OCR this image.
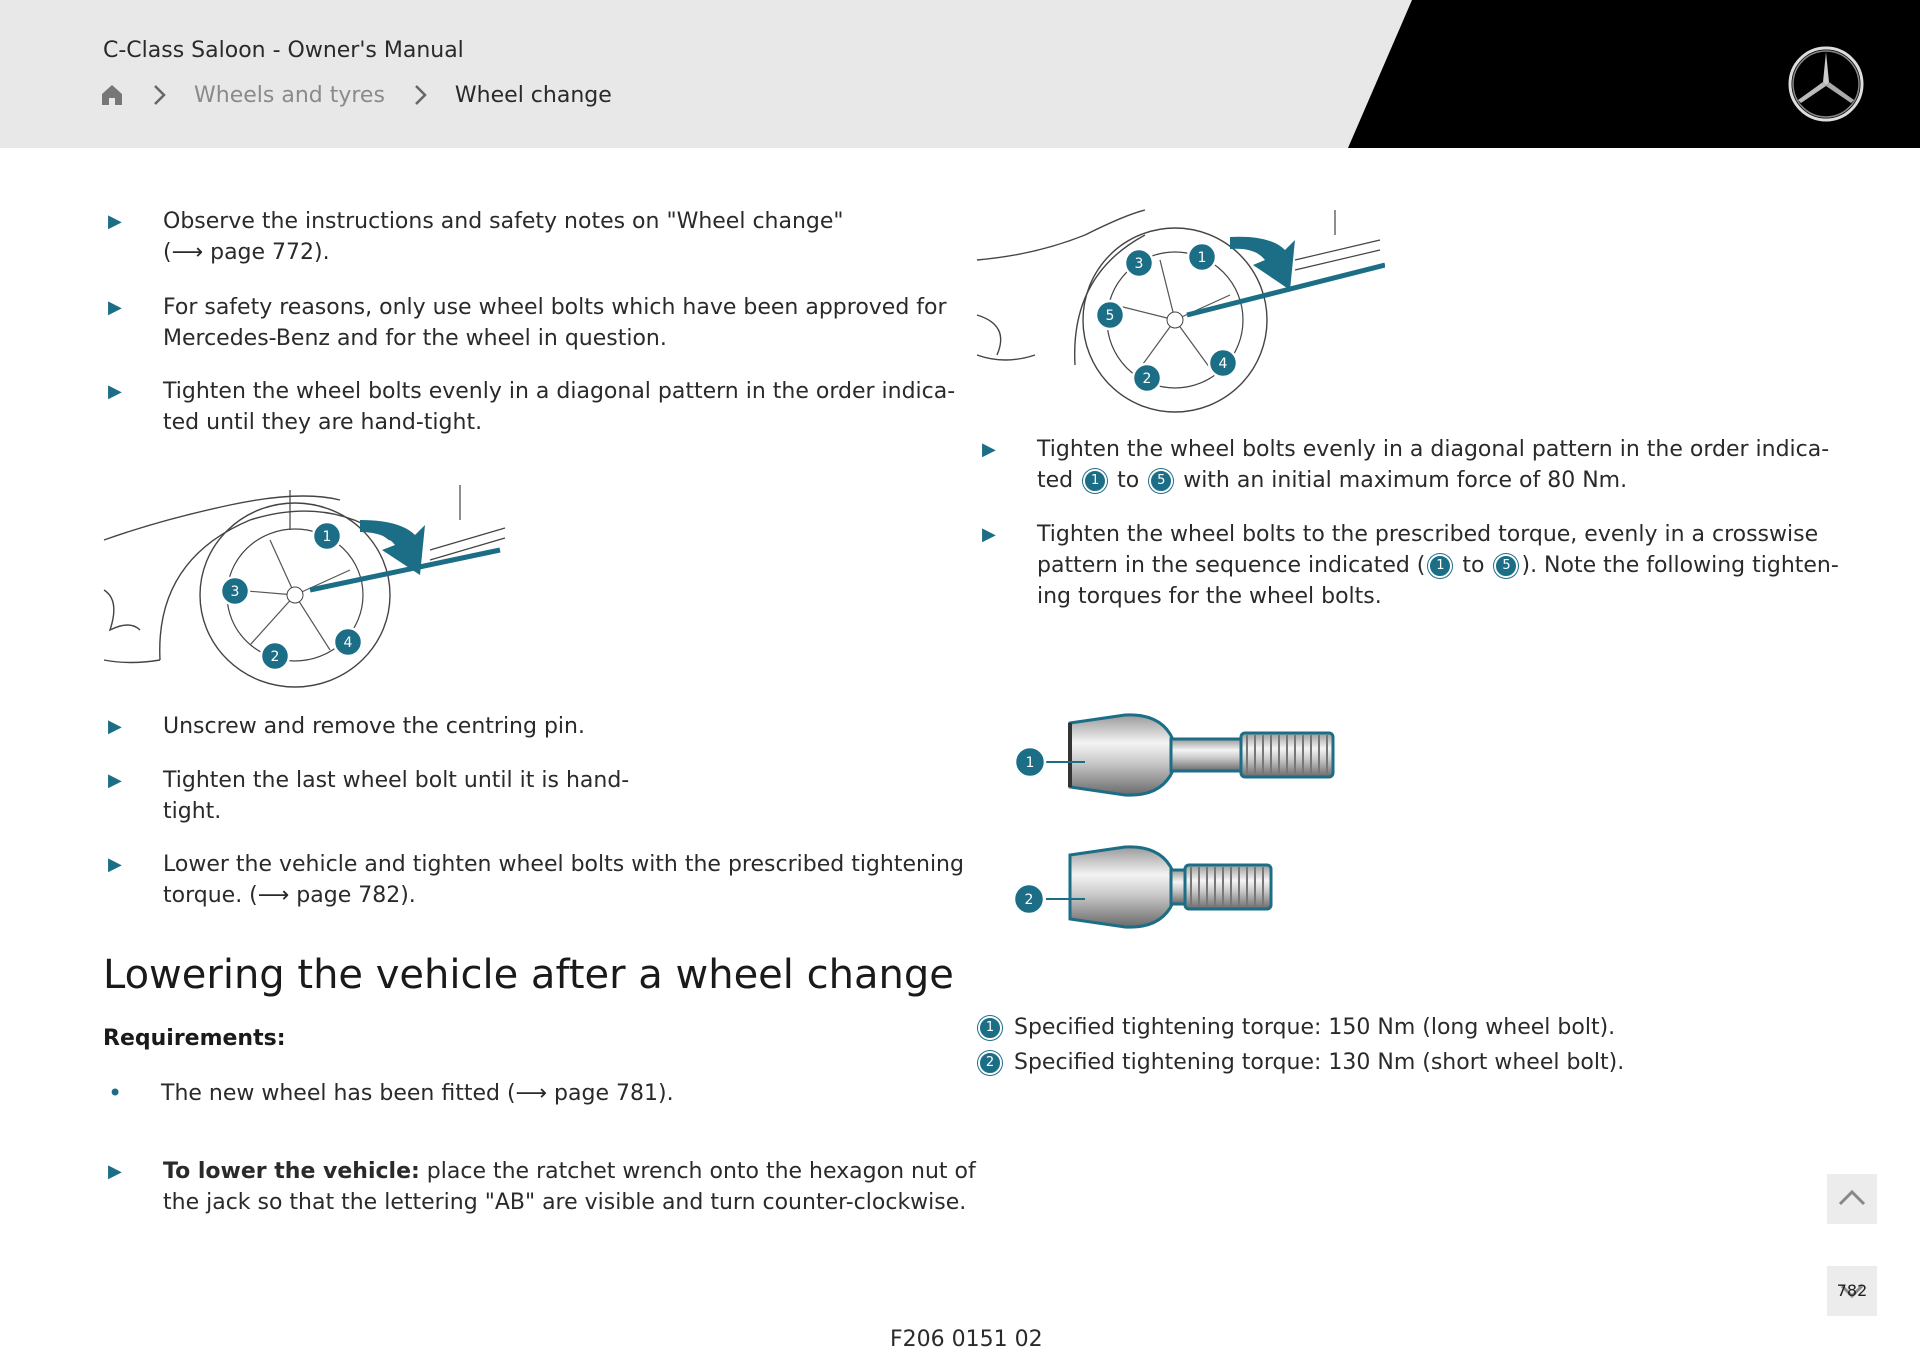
C-Class Saloon - Owner's Manual
Wheels and tyres	Wheel change
▶ Observe the instructions and safety notes on "Wheel change"
(⟶ page 772).
▶ For safety reasons, only use wheel bolts which have been approved for
Mercedes-Benz and for the wheel in question.
▶ Tighten the wheel bolts evenly in a diagonal pattern in the order indica-
ted until they are hand-tight.
1
2
3
4
▶ Unscrew and remove the centring pin.
▶ Tighten the last wheel bolt until it is hand-
tight.
▶ Lower the vehicle and tighten wheel bolts with the prescribed tightening
torque. (⟶ page 782).
Lowering the vehicle after a wheel change
Requirements:
• The new wheel has been fitted (⟶ page 781).
▶ To lower the vehicle: place the ratchet wrench onto the hexagon nut of
the jack so that the lettering "AB" are visible and turn counter-clockwise.
1
2
3
4
5
▶ Tighten the wheel bolts evenly in a diagonal pattern in the order indica-
ted 1 to 5 with an initial maximum force of 80 Nm.
▶ Tighten the wheel bolts to the prescribed torque, evenly in a crosswise
pattern in the sequence indicated ( 1 to 5 ). Note the following tighten-
ing torques for the wheel bolts.
1
2
1 Specified tightening torque: 150 Nm (long wheel bolt).
2 Specified tightening torque: 130 Nm (short wheel bolt).
782
F206 0151 02
